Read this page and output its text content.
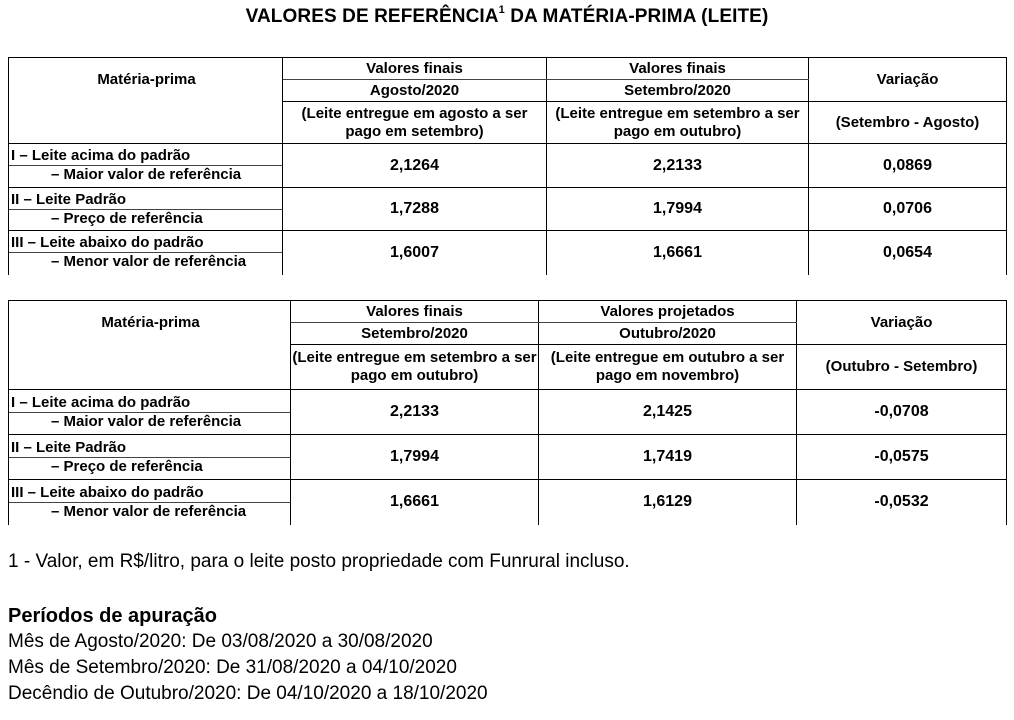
VALORES DE REFERÊNCIA$^1$ DA MATÉRIA-PRIMA (LEITE)
Matéria-prima	Valores finais	Valores finais	Variação
	Agosto/2020	Setembro/2020	
	(Leite entregue em agosto a ser pago em setembro)	(Leite entregue em setembro a ser pago em outubro)	(Setembro - Agosto)

I – Leite acima do padrão
– Maior valor de referência	2,1264	2,2133	0,0869

II – Leite Padrão
– Preço de referência	1,7288	1,7994	0,0706

III – Leite abaixo do padrão
– Menor valor de referência	1,6007	1,6661	0,0654
Matéria-prima	Valores finais	Valores projetados	Variação
	Setembro/2020	Outubro/2020	
	(Leite entregue em setembro a ser pago em outubro)	(Leite entregue em outubro a ser pago em novembro)	(Outubro - Setembro)

I – Leite acima do padrão
– Maior valor de referência	2,2133	2,1425	-0,0708

II – Leite Padrão
– Preço de referência	1,7994	1,7419	-0,0575

III – Leite abaixo do padrão
– Menor valor de referência	1,6661	1,6129	-0,0532
1 - Valor, em R$/litro, para o leite posto propriedade com Funrural incluso.
Períodos de apuração
Mês de Agosto/2020: De 03/08/2020 a 30/08/2020
Mês de Setembro/2020: De 31/08/2020 a 04/10/2020
Decêndio de Outubro/2020: De 04/10/2020 a 18/10/2020
